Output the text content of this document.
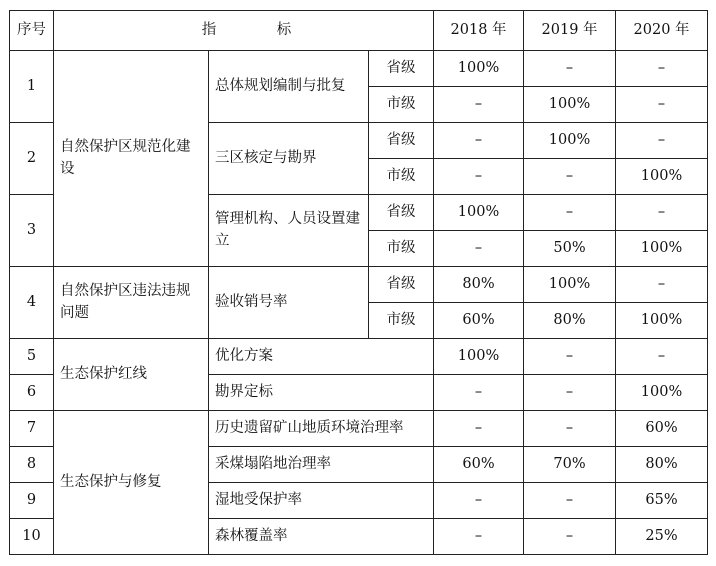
序号	指 标			2018 年	2019 年	2020 年
1	自然保护区规范化建设	总体规划编制与批复	省级	100%	–	–
			市级	–	100%	–
2		三区核定与勘界	省级	–	100%	–
			市级	–	–	100%
3		管理机构、人员设置建立	省级	100%	–	–
			市级	–	50%	100%
4	自然保护区违法违规问题	验收销号率	省级	80%	100%	–
			市级	60%	80%	100%
5	生态保护红线	优化方案		100%	–	–
6		勘界定标		–	–	100%
7	生态保护与修复	历史遗留矿山地质环境治理率		–	–	60%
8		采煤塌陷地治理率		60%	70%	80%
9		湿地受保护率		–	–	65%
10		森林覆盖率		–	–	25%
